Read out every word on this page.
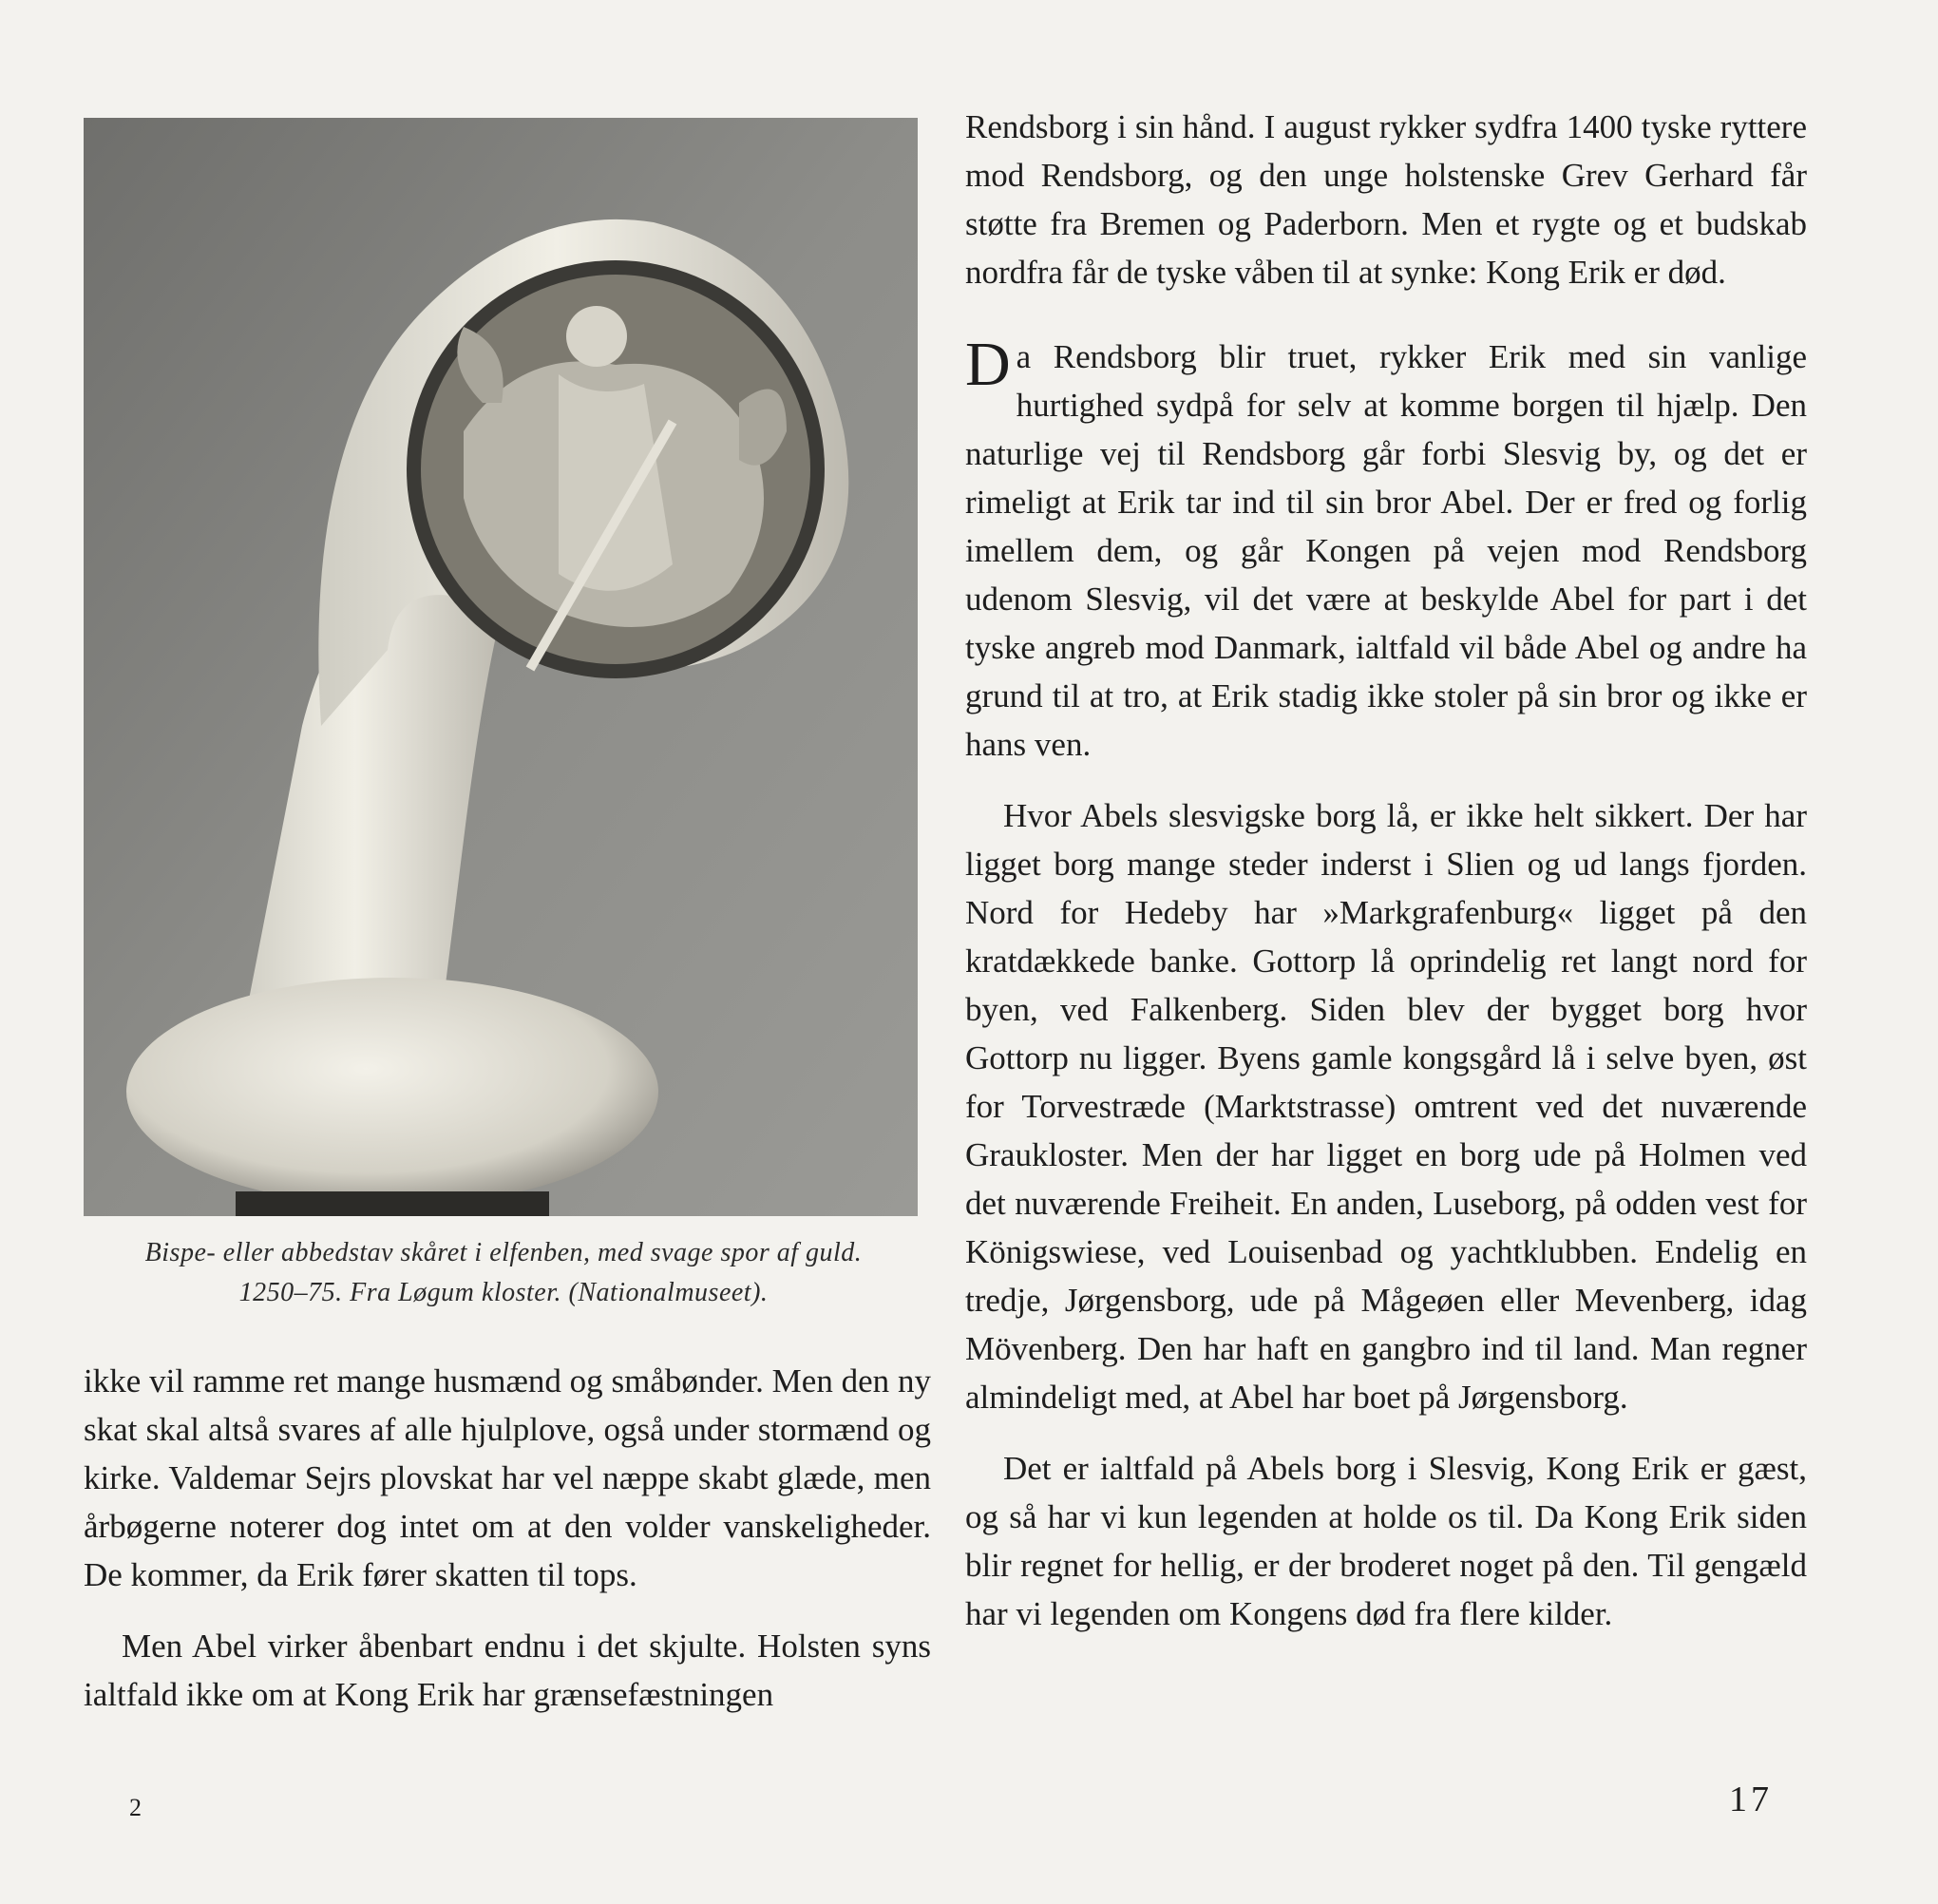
Bispe- eller abbedstav skåret i elfenben, med svage spor af guld.
1250–75. Fra Løgum kloster. (Nationalmuseet).

ikke vil ramme ret mange husmænd og småbønder. Men den ny skat skal altså svares af alle hjulplove, også under stormænd og kirke. Valdemar Sejrs plovskat har vel næppe skabt glæde, men årbøgerne noterer dog intet om at den volder vanskeligheder. De kommer, da Erik fører skatten til tops.

Men Abel virker åbenbart endnu i det skjulte. Holsten syns ialtfald ikke om at Kong Erik har grænsefæstningen

Rendsborg i sin hånd. I august rykker sydfra 1400 tyske ryttere mod Rendsborg, og den unge holstenske Grev Gerhard får støtte fra Bremen og Paderborn. Men et rygte og et budskab nordfra får de tyske våben til at synke: Kong Erik er død.

Da Rendsborg blir truet, rykker Erik med sin vanlige hurtighed sydpå for selv at komme borgen til hjælp. Den naturlige vej til Rendsborg går forbi Slesvig by, og det er rimeligt at Erik tar ind til sin bror Abel. Der er fred og forlig imellem dem, og går Kongen på vejen mod Rendsborg udenom Slesvig, vil det være at beskylde Abel for part i det tyske angreb mod Danmark, ialtfald vil både Abel og andre ha grund til at tro, at Erik stadig ikke stoler på sin bror og ikke er hans ven.

Hvor Abels slesvigske borg lå, er ikke helt sikkert. Der har ligget borg mange steder inderst i Slien og ud langs fjorden. Nord for Hedeby har »Markgrafenburg« ligget på den kratdækkede banke. Gottorp lå oprindelig ret langt nord for byen, ved Falkenberg. Siden blev der bygget borg hvor Gottorp nu ligger. Byens gamle kongsgård lå i selve byen, øst for Torvestræde (Marktstrasse) omtrent ved det nuværende Graukloster. Men der har ligget en borg ude på Holmen ved det nuværende Freiheit. En anden, Luseborg, på odden vest for Königswiese, ved Louisenbad og yachtklubben. Endelig en tredje, Jørgensborg, ude på Mågeøen eller Mevenberg, idag Mövenberg. Den har haft en gangbro ind til land. Man regner almindeligt med, at Abel har boet på Jørgensborg.

Det er ialtfald på Abels borg i Slesvig, Kong Erik er gæst, og så har vi kun legenden at holde os til. Da Kong Erik siden blir regnet for hellig, er der broderet noget på den. Til gengæld har vi legenden om Kongens død fra flere kilder.

2	17
